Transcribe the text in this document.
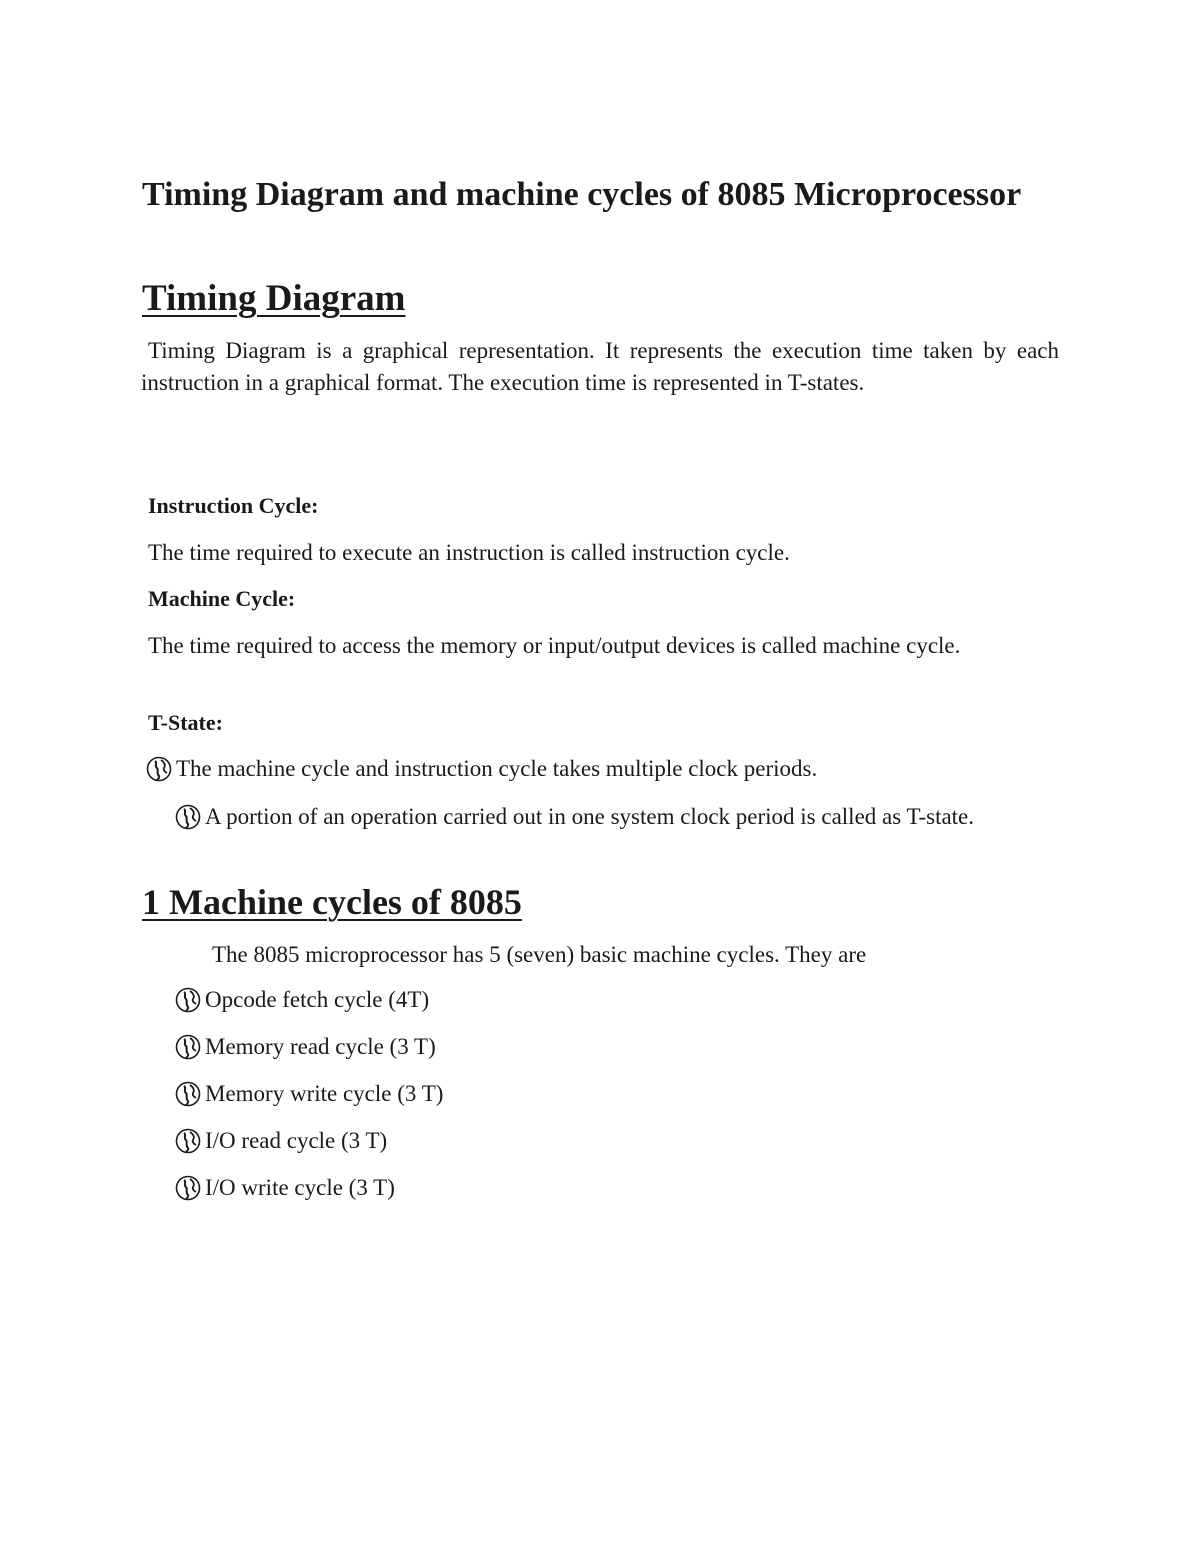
Timing Diagram and machine cycles of 8085 Microprocessor
Timing Diagram

Timing Diagram is a graphical representation. It represents the execution time taken by each instruction in a graphical format. The execution time is represented in T-states.

Instruction Cycle:

The time required to execute an instruction is called instruction cycle.

Machine Cycle:

The time required to access the memory or input/output devices is called machine cycle.

T-State:

The machine cycle and instruction cycle takes multiple clock periods.
A portion of an operation carried out in one system clock period is called as T-state.
1 Machine cycles of 8085

The 8085 microprocessor has 5 (seven) basic machine cycles. They are

Opcode fetch cycle (4T)
Memory read cycle (3 T)
Memory write cycle (3 T)
I/O read cycle (3 T)
I/O write cycle (3 T)
